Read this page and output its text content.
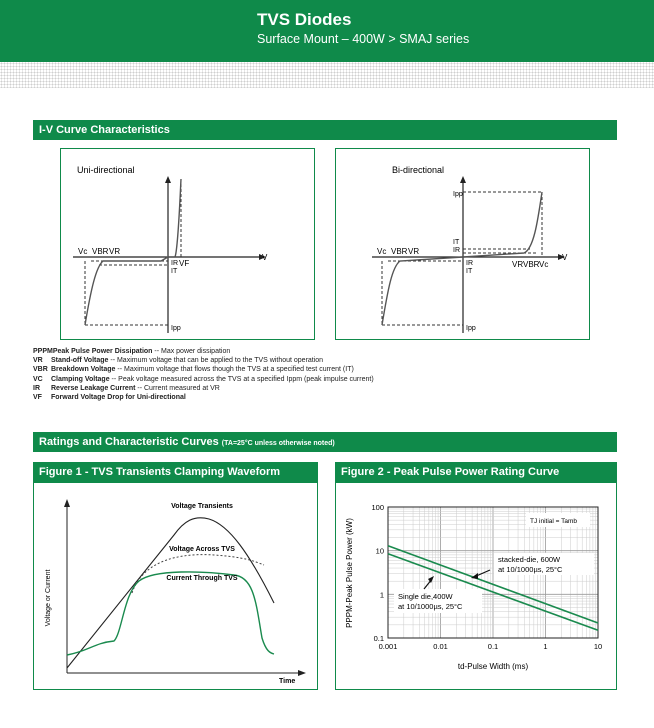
TVS Diodes
Surface Mount – 400W > SMAJ series
I-V Curve Characteristics
Uni-directional
V
Vc VBR VR
IR
IT
VF
Ipp
Bi-directional
V
Vc VBR VR
IR
IT
Ipp
Ipp
IT
IR
VR VBR Vc
PPPMPeak Pulse Power Dissipation -- Max power dissipation
VR Stand-off Voltage -- Maximum voltage that can be applied to the TVS without operation
VBR Breakdown Voltage -- Maximum voltage that flows though the TVS at a specified test current (IT)
VC Clamping Voltage -- Peak voltage measured across the TVS at a specified Ippm (peak impulse current)
IR Reverse Leakage Current -- Current measured at VR
VF Forward Voltage Drop for Uni-directional
Ratings and Characteristic Curves (TA=25°C unless otherwise noted)
Figure 1 - TVS Transients Clamping Waveform
Voltage or Current
Time
Voltage Transients
Voltage Across TVS
Current Through TVS
Figure 2 - Peak Pulse Power Rating Curve
0.001	0.01	0.1	1	10
100
10
1
0.1
TJ initial = Tamb
stacked-die, 600W
at 10/1000µs, 25°C
Single die,400W
at 10/1000µs, 25°C
PPPM-Peak Pulse Power (kW)
td-Pulse Width (ms)
